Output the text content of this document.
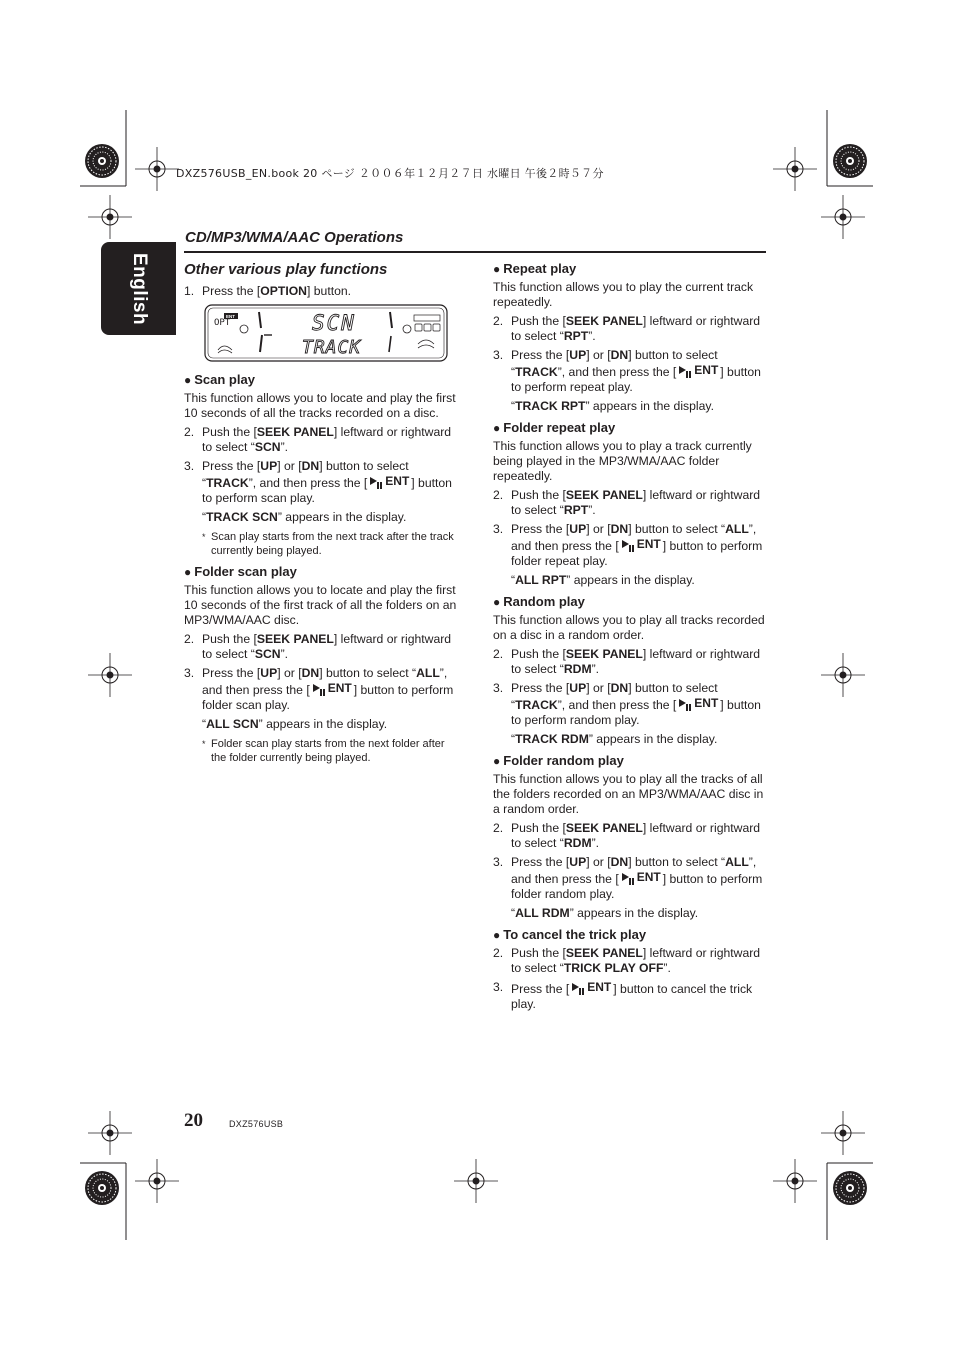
DXZ576USB_EN.book 20 ページ ２００６年１２月２７日 水曜日 午後２時５７分
English
CD/MP3/WMA/AAC Operations
Other various play functions
1. Press the [OPTION] button.
OPT
ENT	SCN
TRACK
● Scan play

This function allows you to locate and play the first 10 seconds of all the tracks recorded on a disc.

2. Push the [SEEK PANEL] leftward or rightward to select “SCN”.
3. Press the [UP] or [DN] button to select “TRACK”, and then press the [ ENT ] button to perform scan play.

“TRACK SCN” appears in the display.

* Scan play starts from the next track after the track currently being played.
● Folder scan play

This function allows you to locate and play the first 10 seconds of the first track of all the folders on an MP3/WMA/AAC disc.

2. Push the [SEEK PANEL] leftward or rightward to select “SCN”.
3. Press the [UP] or [DN] button to select “ALL”, and then press the [ ENT ] button to perform folder scan play.

“ALL SCN” appears in the display.

* Folder scan play starts from the next folder after the folder currently being played.
● Repeat play

This function allows you to play the current track repeatedly.

2. Push the [SEEK PANEL] leftward or rightward to select “RPT”.
3. Press the [UP] or [DN] button to select “TRACK”, and then press the [ ENT ] button to perform repeat play.

“TRACK RPT” appears in the display.

● Folder repeat play

This function allows you to play a track currently being played in the MP3/WMA/AAC folder repeatedly.

2. Push the [SEEK PANEL] leftward or rightward to select “RPT”.
3. Press the [UP] or [DN] button to select “ALL”, and then press the [ ENT ] button to perform folder repeat play.

“ALL RPT” appears in the display.

● Random play

This function allows you to play all tracks recorded on a disc in a random order.

2. Push the [SEEK PANEL] leftward or rightward to select “RDM”.
3. Press the [UP] or [DN] button to select “TRACK”, and then press the [ ENT ] button to perform random play.

“TRACK RDM” appears in the display.

● Folder random play

This function allows you to play all the tracks of all the folders recorded on an MP3/WMA/AAC disc in a random order.

2. Push the [SEEK PANEL] leftward or rightward to select “RDM”.
3. Press the [UP] or [DN] button to select “ALL”, and then press the [ ENT ] button to perform folder random play.

“ALL RDM” appears in the display.

● To cancel the trick play
2. Push the [SEEK PANEL] leftward or rightward to select “TRICK PLAY OFF”.
3. Press the [ ENT ] button to cancel the trick play.
20	DXZ576USB
